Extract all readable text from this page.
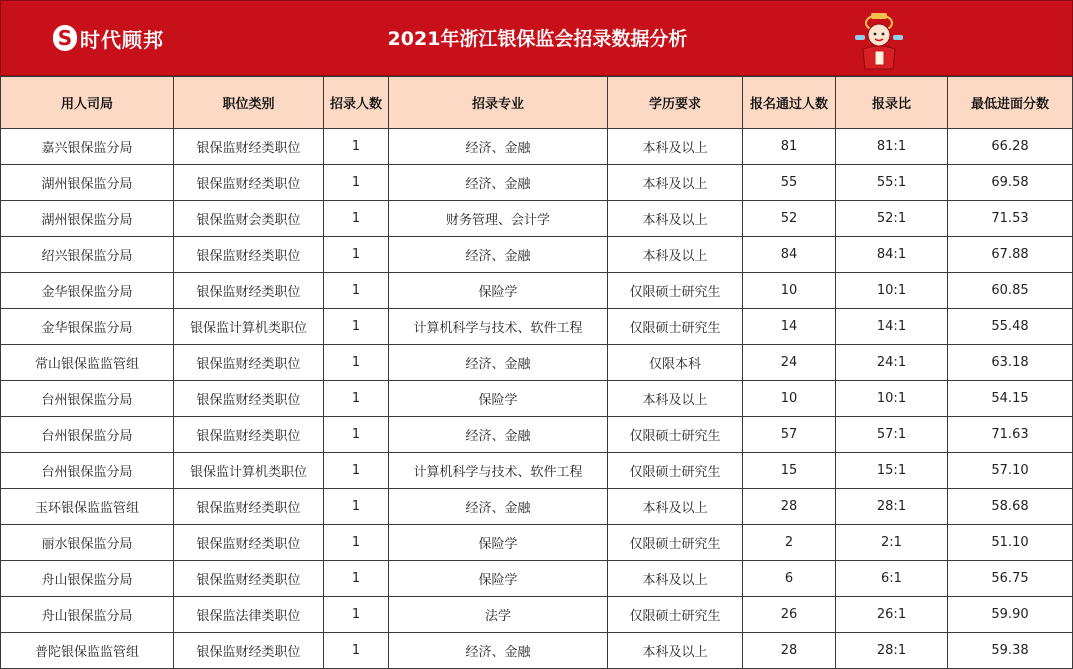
S 时代顾邦	2021年浙江银保监会招录数据分析
用人司局	职位类别	招录人数	招录专业	学历要求	报名通过人数	报录比	最低进面分数
嘉兴银保监分局	银保监财经类职位	1	经济、金融	本科及以上	81	81:1	66.28
湖州银保监分局	银保监财经类职位	1	经济、金融	本科及以上	55	55:1	69.58
湖州银保监分局	银保监财会类职位	1	财务管理、会计学	本科及以上	52	52:1	71.53
绍兴银保监分局	银保监财经类职位	1	经济、金融	本科及以上	84	84:1	67.88
金华银保监分局	银保监财经类职位	1	保险学	仅限硕士研究生	10	10:1	60.85
金华银保监分局	银保监计算机类职位	1	计算机科学与技术、软件工程	仅限硕士研究生	14	14:1	55.48
常山银保监监管组	银保监财经类职位	1	经济、金融	仅限本科	24	24:1	63.18
台州银保监分局	银保监财经类职位	1	保险学	本科及以上	10	10:1	54.15
台州银保监分局	银保监财经类职位	1	经济、金融	仅限硕士研究生	57	57:1	71.63
台州银保监分局	银保监计算机类职位	1	计算机科学与技术、软件工程	仅限硕士研究生	15	15:1	57.10
玉环银保监监管组	银保监财经类职位	1	经济、金融	本科及以上	28	28:1	58.68
丽水银保监分局	银保监财经类职位	1	保险学	仅限硕士研究生	2	2:1	51.10
舟山银保监分局	银保监财经类职位	1	保险学	本科及以上	6	6:1	56.75
舟山银保监分局	银保监法律类职位	1	法学	仅限硕士研究生	26	26:1	59.90
普陀银保监监管组	银保监财经类职位	1	经济、金融	本科及以上	28	28:1	59.38
